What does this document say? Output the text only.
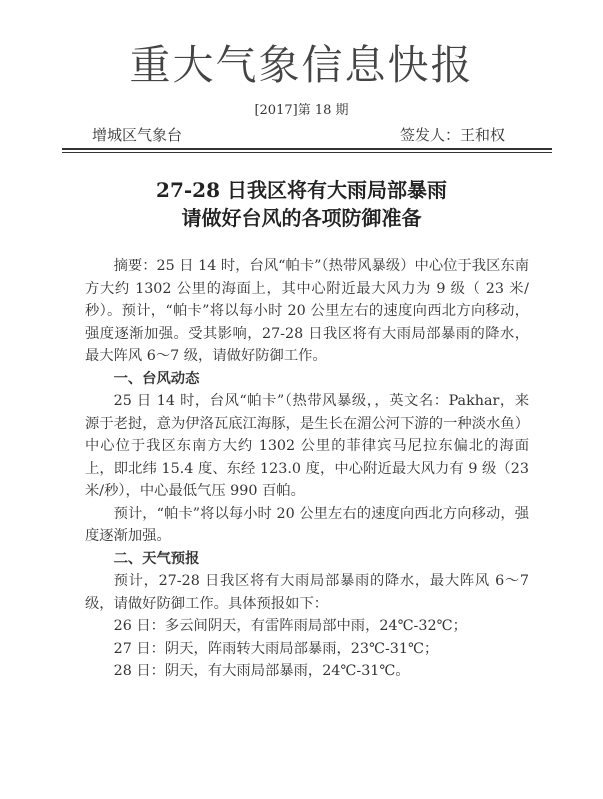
重大气象信息快报
[2017]第 18 期
增城区气象台	签发人：王和权
27-28 日我区将有大雨局部暴雨
请做好台风的各项防御准备

摘要：25 日 14 时，台风“帕卡”（热带风暴级）中心位于我区东南方大约 1302 公里的海面上，其中心附近最大风力为 9 级（ 23 米/秒）。预计，“帕卡”将以每小时 20 公里左右的速度向西北方向移动，强度逐渐加强。受其影响，27-28 日我区将有大雨局部暴雨的降水，最大阵风 6～7 级，请做好防御工作。

一、台风动态

25 日 14 时，台风“帕卡”（热带风暴级，，英文名：Pakhar，来源于老挝，意为伊洛瓦底江海豚，是生长在湄公河下游的一种淡水鱼）中心位于我区东南方大约 1302 公里的菲律宾马尼拉东偏北的海面上，即北纬 15.4 度、东经 123.0 度，中心附近最大风力有 9 级（23 米/秒），中心最低气压 990 百帕。

预计，“帕卡”将以每小时 20 公里左右的速度向西北方向移动，强度逐渐加强。

二、天气预报

预计，27-28 日我区将有大雨局部暴雨的降水，最大阵风 6～7 级，请做好防御工作。具体预报如下：

26 日：多云间阴天，有雷阵雨局部中雨，24℃-32℃；

27 日：阴天，阵雨转大雨局部暴雨，23℃-31℃；

28 日：阴天，有大雨局部暴雨，24℃-31℃。
